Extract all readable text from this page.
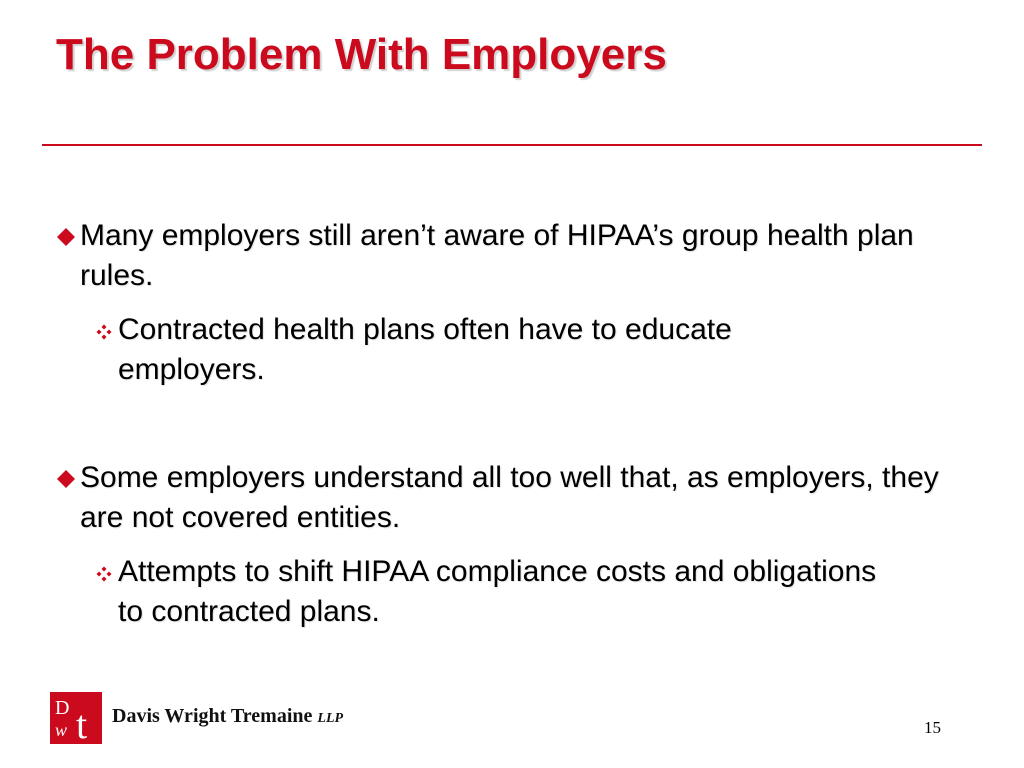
The Problem With Employers
Many employers still aren’t aware of HIPAA’s group health plan rules.
Contracted health plans often have to educate employers.
Some employers understand all too well that, as employers, they are not covered entities.
Attempts to shift HIPAA compliance costs and obligations to contracted plans.
D
w t Davis Wright Tremaine LLP	15
